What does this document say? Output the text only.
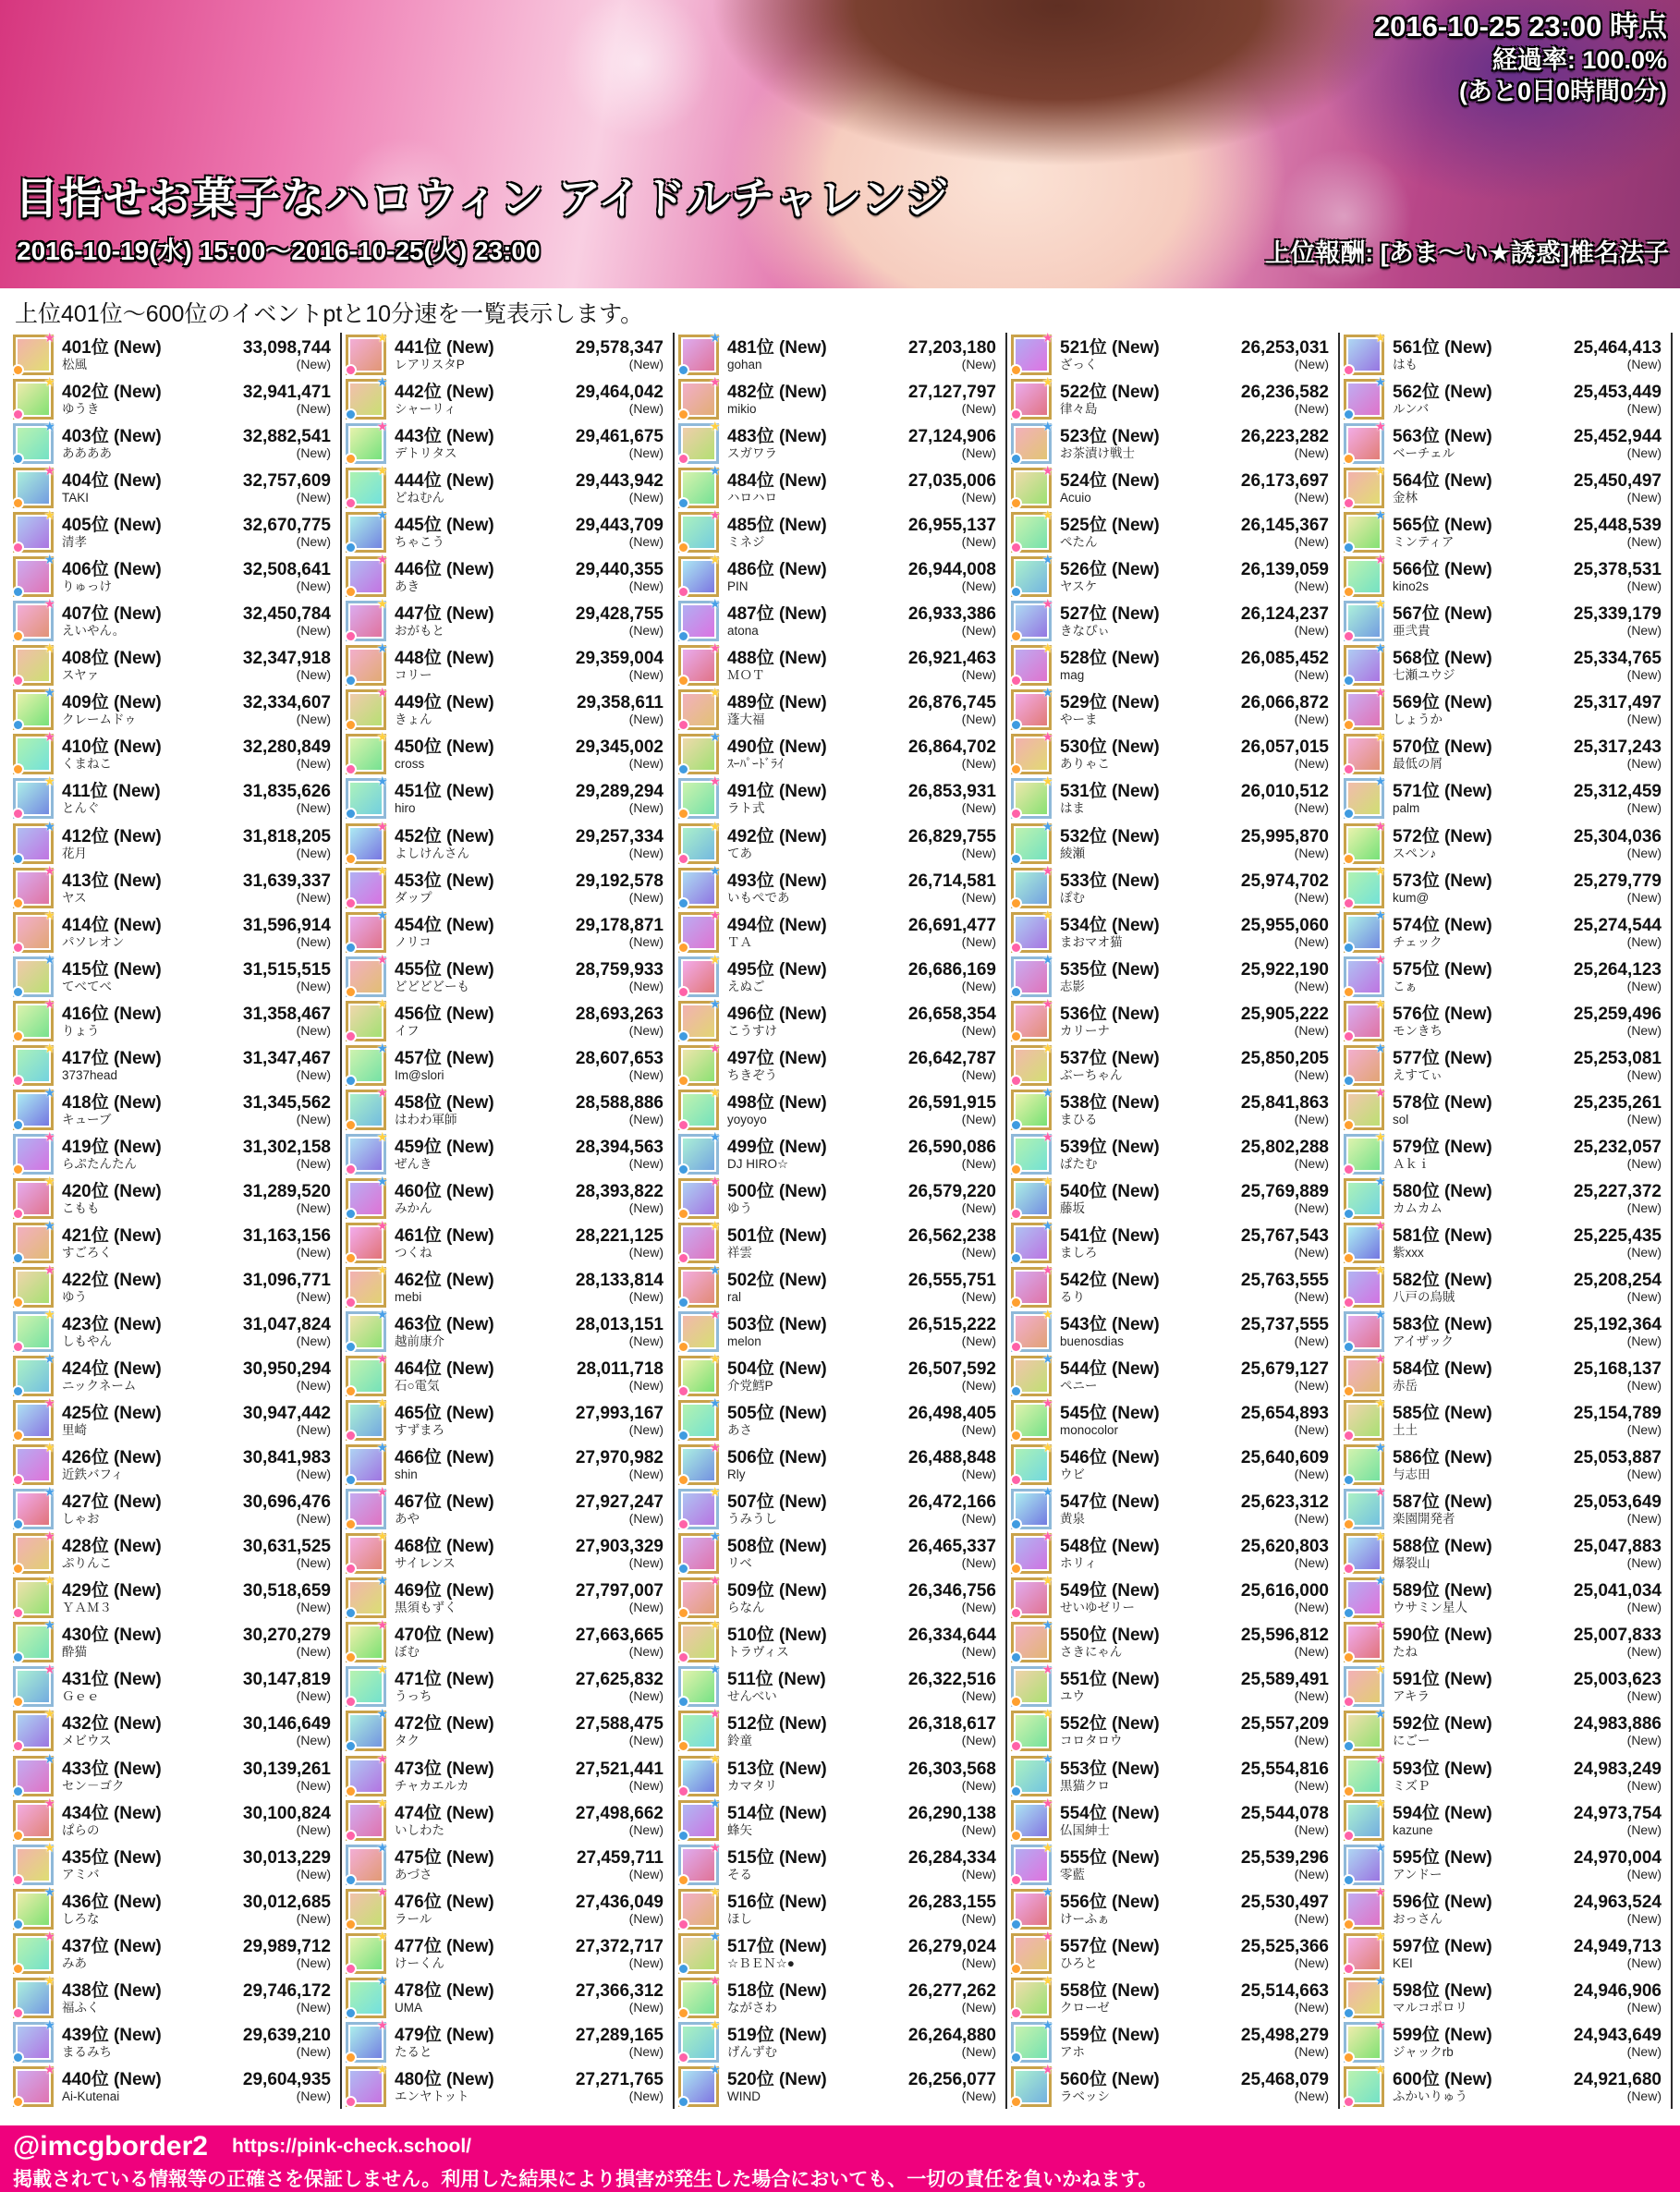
2016-10-25 23:00 時点
経過率: 100.0%
(あと0日0時間0分)
目指せお菓子なハロウィン アイドルチャレンジ
2016-10-19(水) 15:00～2016-10-25(火) 23:00	上位報酬: [あま～い★誘惑]椎名法子
上位401位～600位のイベントptと10分速を一覧表示します。
★
401位 (New)
松風
33,098,744
(New)
★
402位 (New)
ゆうき
32,941,471
(New)
★
403位 (New)
ああああ
32,882,541
(New)
★
404位 (New)
TAKI
32,757,609
(New)
★
405位 (New)
清孝
32,670,775
(New)
★
406位 (New)
りゅっけ
32,508,641
(New)
★
407位 (New)
えいやん。
32,450,784
(New)
★
408位 (New)
スヤァ
32,347,918
(New)
★
409位 (New)
クレームドゥ
32,334,607
(New)
★
410位 (New)
くまねこ
32,280,849
(New)
★
411位 (New)
とんぐ
31,835,626
(New)
★
412位 (New)
花月
31,818,205
(New)
★
413位 (New)
ヤス
31,639,337
(New)
★
414位 (New)
パソレオン
31,596,914
(New)
★
415位 (New)
てべてべ
31,515,515
(New)
★
416位 (New)
りょう
31,358,467
(New)
★
417位 (New)
3737head
31,347,467
(New)
★
418位 (New)
キューブ
31,345,562
(New)
★
419位 (New)
らぷたんたん
31,302,158
(New)
★
420位 (New)
こもも
31,289,520
(New)
★
421位 (New)
すごろく
31,163,156
(New)
★
422位 (New)
ゆう
31,096,771
(New)
★
423位 (New)
しもやん
31,047,824
(New)
★
424位 (New)
ニックネーム
30,950,294
(New)
★
425位 (New)
里崎
30,947,442
(New)
★
426位 (New)
近鉄バフィ
30,841,983
(New)
★
427位 (New)
しゃお
30,696,476
(New)
★
428位 (New)
ぷりんこ
30,631,525
(New)
★
429位 (New)
ＹＡＭ３
30,518,659
(New)
★
430位 (New)
酔猫
30,270,279
(New)
★
431位 (New)
Ｇｅｅ
30,147,819
(New)
★
432位 (New)
メビウス
30,146,649
(New)
★
433位 (New)
セン－ゴク
30,139,261
(New)
★
434位 (New)
ぱらの
30,100,824
(New)
★
435位 (New)
アミバ
30,013,229
(New)
★
436位 (New)
しろな
30,012,685
(New)
★
437位 (New)
みあ
29,989,712
(New)
★
438位 (New)
福ふく
29,746,172
(New)
★
439位 (New)
まるみち
29,639,210
(New)
★
440位 (New)
Ai-Kutenai
29,604,935
(New)
★
441位 (New)
レアリスタP
29,578,347
(New)
★
442位 (New)
シャーリィ
29,464,042
(New)
★
443位 (New)
デトリタス
29,461,675
(New)
★
444位 (New)
どねむん
29,443,942
(New)
★
445位 (New)
ちゃこう
29,443,709
(New)
★
446位 (New)
あき
29,440,355
(New)
★
447位 (New)
おがもと
29,428,755
(New)
★
448位 (New)
コリー
29,359,004
(New)
★
449位 (New)
きょん
29,358,611
(New)
★
450位 (New)
cross
29,345,002
(New)
★
451位 (New)
hiro
29,289,294
(New)
★
452位 (New)
よしけんさん
29,257,334
(New)
★
453位 (New)
ダップ
29,192,578
(New)
★
454位 (New)
ノリコ
29,178,871
(New)
★
455位 (New)
どどどどーも
28,759,933
(New)
★
456位 (New)
イフ
28,693,263
(New)
★
457位 (New)
Im@slori
28,607,653
(New)
★
458位 (New)
はわわ軍師
28,588,886
(New)
★
459位 (New)
ぜんき
28,394,563
(New)
★
460位 (New)
みかん
28,393,822
(New)
★
461位 (New)
つくね
28,221,125
(New)
★
462位 (New)
mebi
28,133,814
(New)
★
463位 (New)
越前康介
28,013,151
(New)
★
464位 (New)
石○電気
28,011,718
(New)
★
465位 (New)
すずまろ
27,993,167
(New)
★
466位 (New)
shin
27,970,982
(New)
★
467位 (New)
あや
27,927,247
(New)
★
468位 (New)
サイレンス
27,903,329
(New)
★
469位 (New)
黒須もずく
27,797,007
(New)
★
470位 (New)
ぼむ
27,663,665
(New)
★
471位 (New)
うっち
27,625,832
(New)
★
472位 (New)
タク
27,588,475
(New)
★
473位 (New)
チャカエルカ
27,521,441
(New)
★
474位 (New)
いしわた
27,498,662
(New)
★
475位 (New)
あづさ
27,459,711
(New)
★
476位 (New)
ラール
27,436,049
(New)
★
477位 (New)
けーくん
27,372,717
(New)
★
478位 (New)
UMA
27,366,312
(New)
★
479位 (New)
たると
27,289,165
(New)
★
480位 (New)
エンヤトット
27,271,765
(New)
★
481位 (New)
gohan
27,203,180
(New)
★
482位 (New)
mikio
27,127,797
(New)
★
483位 (New)
スガワラ
27,124,906
(New)
★
484位 (New)
ハロハロ
27,035,006
(New)
★
485位 (New)
ミネジ
26,955,137
(New)
★
486位 (New)
PIN
26,944,008
(New)
★
487位 (New)
atona
26,933,386
(New)
★
488位 (New)
ＭＯＴ
26,921,463
(New)
★
489位 (New)
蓬大福
26,876,745
(New)
★
490位 (New)
ｽｰﾊﾟｰﾄﾞﾗｲ
26,864,702
(New)
★
491位 (New)
ラト式
26,853,931
(New)
★
492位 (New)
てあ
26,829,755
(New)
★
493位 (New)
いもぺであ
26,714,581
(New)
★
494位 (New)
ＴＡ
26,691,477
(New)
★
495位 (New)
えぬご
26,686,169
(New)
★
496位 (New)
こうすけ
26,658,354
(New)
★
497位 (New)
ちきぞう
26,642,787
(New)
★
498位 (New)
yoyoyo
26,591,915
(New)
★
499位 (New)
DJ HIRO☆
26,590,086
(New)
★
500位 (New)
ゆう
26,579,220
(New)
★
501位 (New)
祥雲
26,562,238
(New)
★
502位 (New)
ral
26,555,751
(New)
★
503位 (New)
melon
26,515,222
(New)
★
504位 (New)
介党鱈P
26,507,592
(New)
★
505位 (New)
あさ
26,498,405
(New)
★
506位 (New)
Rly
26,488,848
(New)
★
507位 (New)
うみうし
26,472,166
(New)
★
508位 (New)
リベ
26,465,337
(New)
★
509位 (New)
らなん
26,346,756
(New)
★
510位 (New)
トラヴィス
26,334,644
(New)
★
511位 (New)
せんべい
26,322,516
(New)
★
512位 (New)
鈴童
26,318,617
(New)
★
513位 (New)
カマタリ
26,303,568
(New)
★
514位 (New)
蜂矢
26,290,138
(New)
★
515位 (New)
そる
26,284,334
(New)
★
516位 (New)
ほし
26,283,155
(New)
★
517位 (New)
☆ＢＥＮ☆●
26,279,024
(New)
★
518位 (New)
ながさわ
26,277,262
(New)
★
519位 (New)
げんずむ
26,264,880
(New)
★
520位 (New)
WIND
26,256,077
(New)
★
521位 (New)
ざっく
26,253,031
(New)
★
522位 (New)
律々島
26,236,582
(New)
★
523位 (New)
お茶漬け戦士
26,223,282
(New)
★
524位 (New)
Acuio
26,173,697
(New)
★
525位 (New)
ぺたん
26,145,367
(New)
★
526位 (New)
ヤスケ
26,139,059
(New)
★
527位 (New)
きなぴぃ
26,124,237
(New)
★
528位 (New)
mag
26,085,452
(New)
★
529位 (New)
やーま
26,066,872
(New)
★
530位 (New)
ありゃこ
26,057,015
(New)
★
531位 (New)
はま
26,010,512
(New)
★
532位 (New)
綾瀬
25,995,870
(New)
★
533位 (New)
ぽむ
25,974,702
(New)
★
534位 (New)
まおマオ猫
25,955,060
(New)
★
535位 (New)
志影
25,922,190
(New)
★
536位 (New)
カリーナ
25,905,222
(New)
★
537位 (New)
ぶーちゃん
25,850,205
(New)
★
538位 (New)
まひる
25,841,863
(New)
★
539位 (New)
ぱたむ
25,802,288
(New)
★
540位 (New)
藤坂
25,769,889
(New)
★
541位 (New)
ましろ
25,767,543
(New)
★
542位 (New)
るり
25,763,555
(New)
★
543位 (New)
buenosdias
25,737,555
(New)
★
544位 (New)
ペニー
25,679,127
(New)
★
545位 (New)
monocolor
25,654,893
(New)
★
546位 (New)
ウビ
25,640,609
(New)
★
547位 (New)
黄泉
25,623,312
(New)
★
548位 (New)
ホリィ
25,620,803
(New)
★
549位 (New)
せいゆゼリー
25,616,000
(New)
★
550位 (New)
さきにゃん
25,596,812
(New)
★
551位 (New)
ユウ
25,589,491
(New)
★
552位 (New)
コロタロウ
25,557,209
(New)
★
553位 (New)
黒猫クロ
25,554,816
(New)
★
554位 (New)
仏国紳士
25,544,078
(New)
★
555位 (New)
零藍
25,539,296
(New)
★
556位 (New)
けーふぁ
25,530,497
(New)
★
557位 (New)
ひろと
25,525,366
(New)
★
558位 (New)
クローゼ
25,514,663
(New)
★
559位 (New)
アホ
25,498,279
(New)
★
560位 (New)
ラベッシ
25,468,079
(New)
★
561位 (New)
はも
25,464,413
(New)
★
562位 (New)
ルンバ
25,453,449
(New)
★
563位 (New)
ベーチェル
25,452,944
(New)
★
564位 (New)
金林
25,450,497
(New)
★
565位 (New)
ミンティア
25,448,539
(New)
★
566位 (New)
kino2s
25,378,531
(New)
★
567位 (New)
亜弐貴
25,339,179
(New)
★
568位 (New)
七瀬ユウジ
25,334,765
(New)
★
569位 (New)
しょうか
25,317,497
(New)
★
570位 (New)
最低の屑
25,317,243
(New)
★
571位 (New)
palm
25,312,459
(New)
★
572位 (New)
スペン♪
25,304,036
(New)
★
573位 (New)
kum@
25,279,779
(New)
★
574位 (New)
チェック
25,274,544
(New)
★
575位 (New)
こぁ
25,264,123
(New)
★
576位 (New)
モンきち
25,259,496
(New)
★
577位 (New)
えすてぃ
25,253,081
(New)
★
578位 (New)
sol
25,235,261
(New)
★
579位 (New)
Ａｋｉ
25,232,057
(New)
★
580位 (New)
カムカム
25,227,372
(New)
★
581位 (New)
紫xxx
25,225,435
(New)
★
582位 (New)
八戸の烏賊
25,208,254
(New)
★
583位 (New)
アイザック
25,192,364
(New)
★
584位 (New)
赤岳
25,168,137
(New)
★
585位 (New)
土土
25,154,789
(New)
★
586位 (New)
与志田
25,053,887
(New)
★
587位 (New)
楽園開発者
25,053,649
(New)
★
588位 (New)
爆裂山
25,047,883
(New)
★
589位 (New)
ウサミン星人
25,041,034
(New)
★
590位 (New)
たね
25,007,833
(New)
★
591位 (New)
アキラ
25,003,623
(New)
★
592位 (New)
にごー
24,983,886
(New)
★
593位 (New)
ミズＰ
24,983,249
(New)
★
594位 (New)
kazune
24,973,754
(New)
★
595位 (New)
アンドー
24,970,004
(New)
★
596位 (New)
おっさん
24,963,524
(New)
★
597位 (New)
KEI
24,949,713
(New)
★
598位 (New)
マルコポロリ
24,946,906
(New)
★
599位 (New)
ジャックrb
24,943,649
(New)
★
600位 (New)
ふかいりゅう
24,921,680
(New)
@imcgborder2 https://pink-check.school/
掲載されている情報等の正確さを保証しません。利用した結果により損害が発生した場合においても、一切の責任を負いかねます。
